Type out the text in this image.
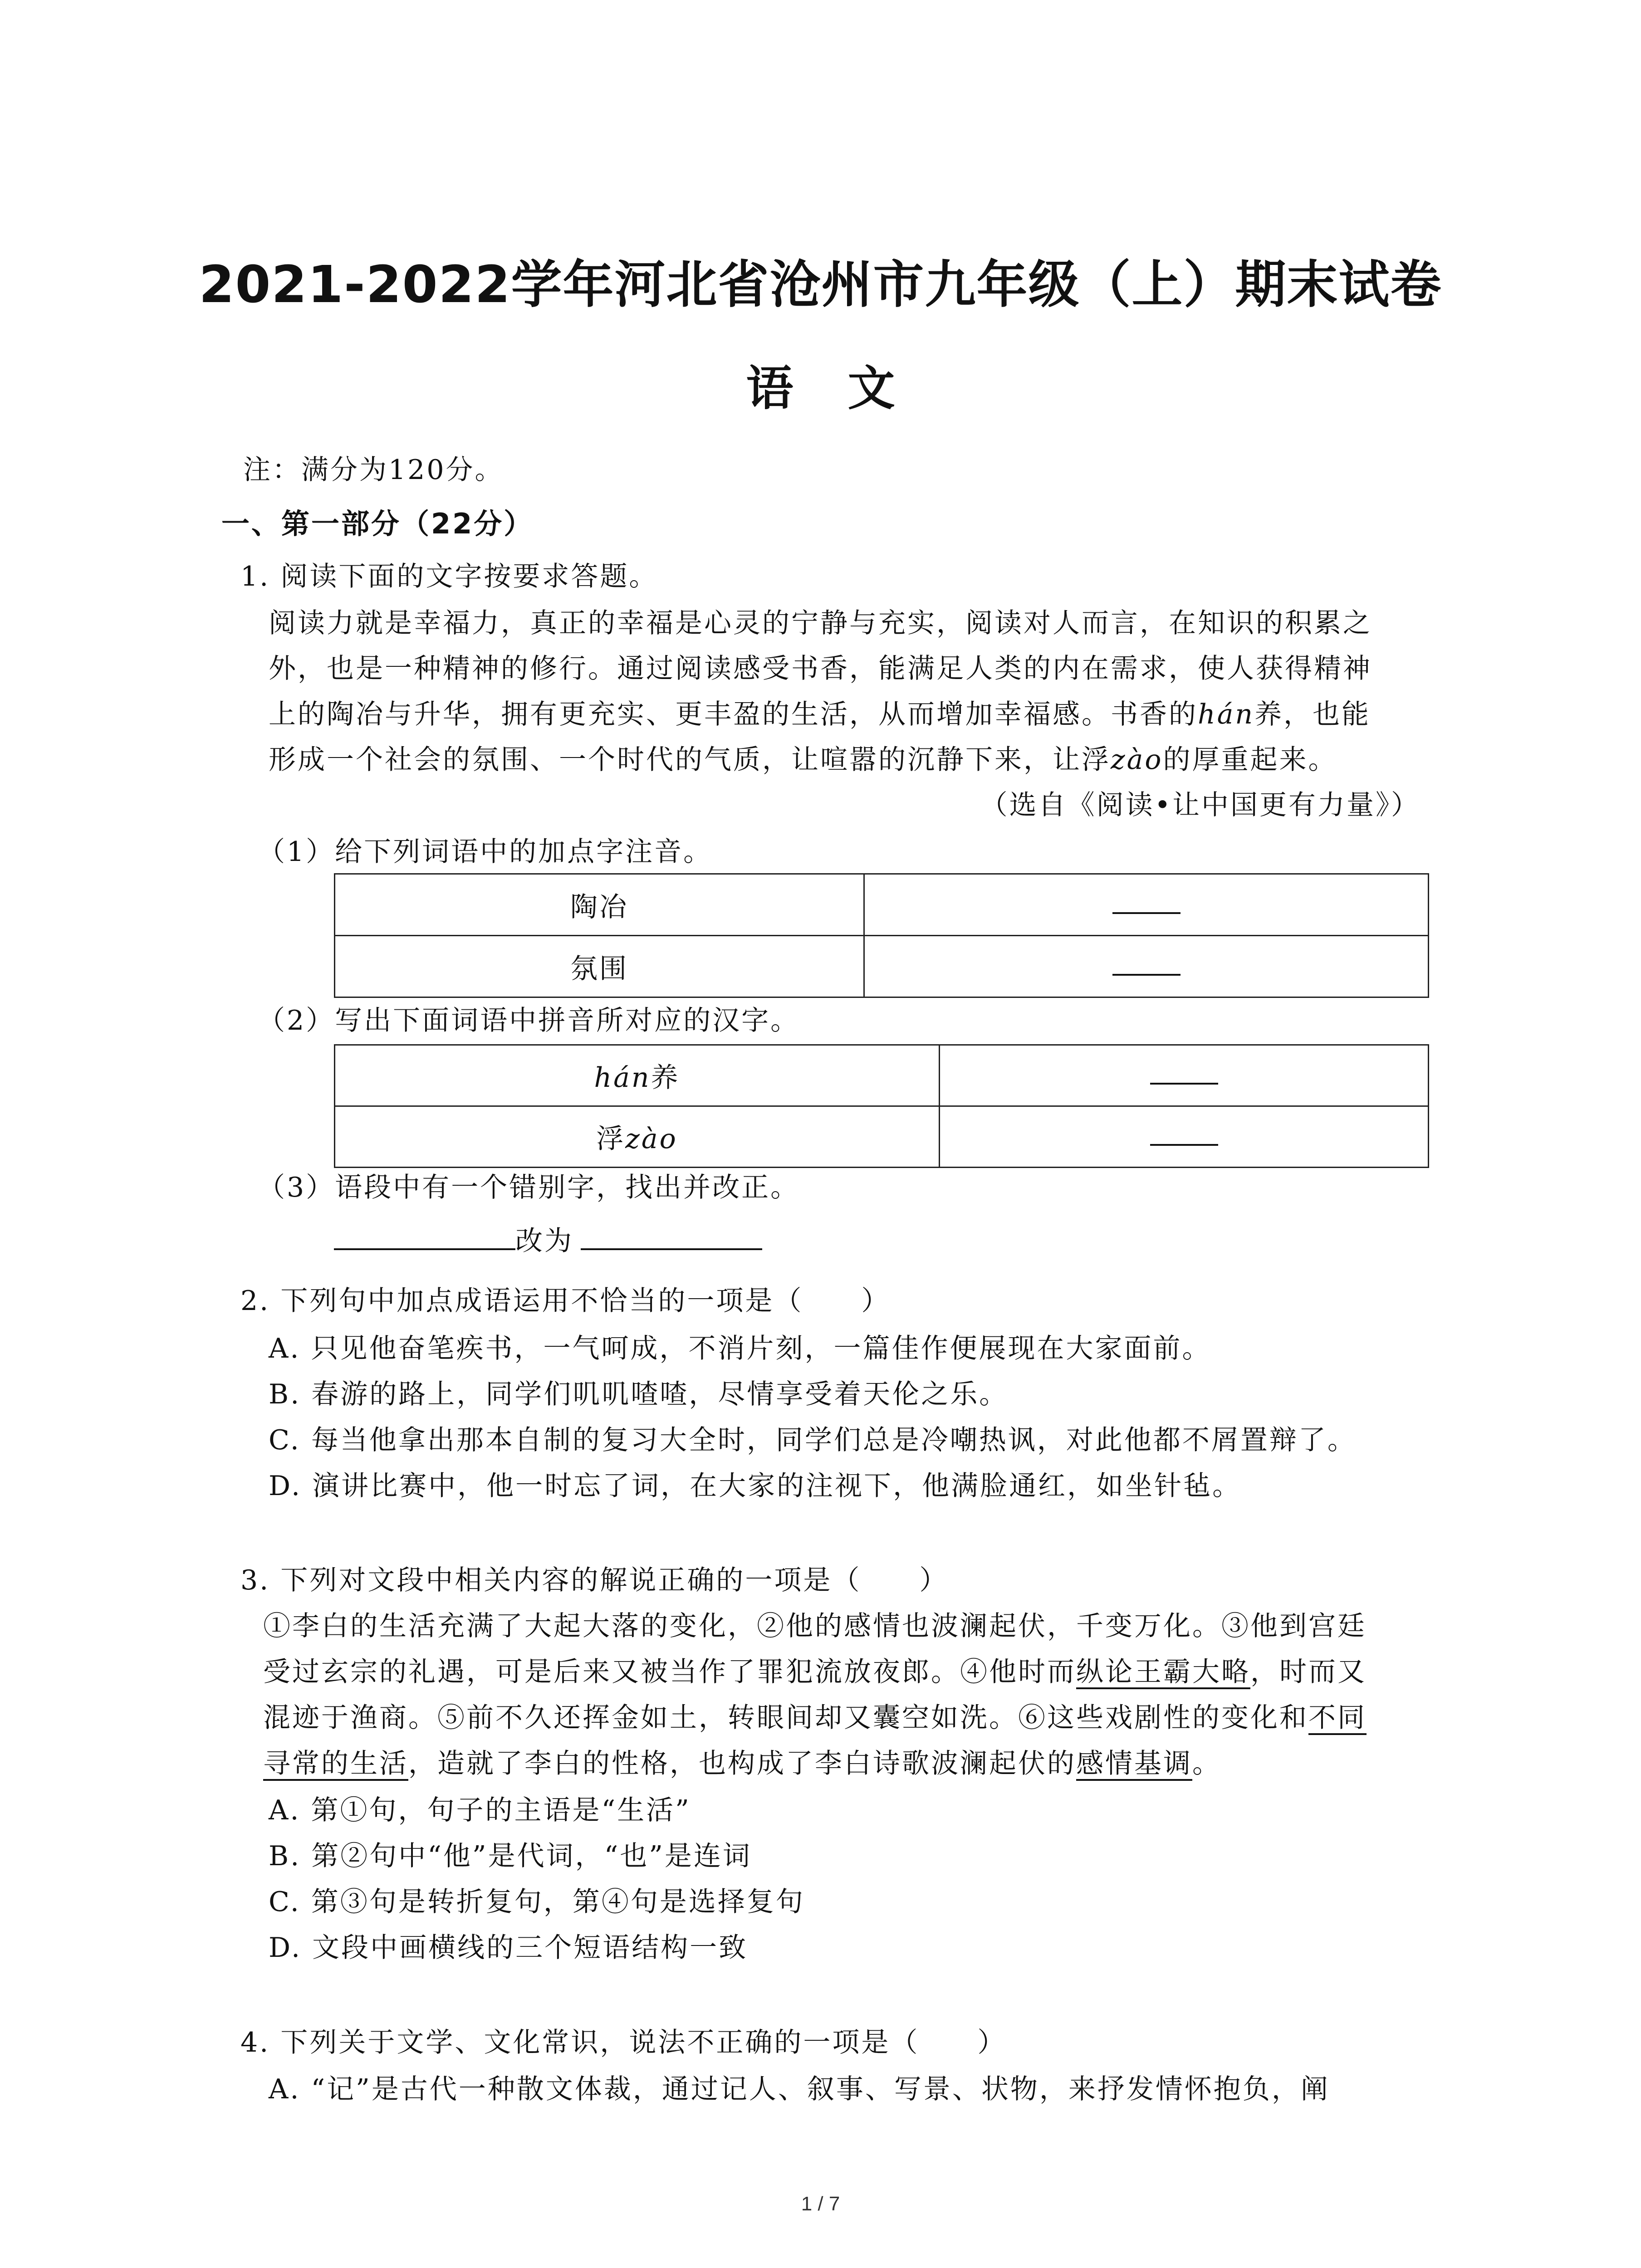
2021-2022学年河北省沧州市九年级（上）期末试卷
语文
注：满分为120分。
一、第一部分（22分）
1. 阅读下面的文字按要求答题。
阅读力就是幸福力，真正的幸福是心灵的宁静与充实，阅读对人而言，在知识的积累之
外，也是一种精神的修行。通过阅读感受书香，能满足人类的内在需求，使人获得精神
上的陶冶与升华，拥有更充实、更丰盈的生活，从而增加幸福感。书香的hán养，也能
形成一个社会的氛围、一个时代的气质，让喧嚣的沉静下来，让浮zào的厚重起来。
（选自《阅读•让中国更有力量》）
（1）给下列词语中的加点字注音。
陶冶	
氛围	
（2）写出下面词语中拼音所对应的汉字。
hán养	
浮zào	
（3）语段中有一个错别字，找出并改正。
改为
2. 下列句中加点成语运用不恰当的一项是（　　）
A. 只见他奋笔疾书，一气呵成，不消片刻，一篇佳作便展现在大家面前。
B. 春游的路上，同学们叽叽喳喳，尽情享受着天伦之乐。
C. 每当他拿出那本自制的复习大全时，同学们总是冷嘲热讽，对此他都不屑置辩了。
D. 演讲比赛中，他一时忘了词，在大家的注视下，他满脸通红，如坐针毡。
3. 下列对文段中相关内容的解说正确的一项是（　　）
①李白的生活充满了大起大落的变化，②他的感情也波澜起伏，千变万化。③他到宫廷
受过玄宗的礼遇，可是后来又被当作了罪犯流放夜郎。④他时而纵论王霸大略，时而又
混迹于渔商。⑤前不久还挥金如土，转眼间却又囊空如洗。⑥这些戏剧性的变化和不同
寻常的生活，造就了李白的性格，也构成了李白诗歌波澜起伏的感情基调。
A. 第①句，句子的主语是“生活”
B. 第②句中“他”是代词，“也”是连词
C. 第③句是转折复句，第④句是选择复句
D. 文段中画横线的三个短语结构一致
4. 下列关于文学、文化常识，说法不正确的一项是（　　）
A. “记”是古代一种散文体裁，通过记人、叙事、写景、状物，来抒发情怀抱负，阐
1 / 7
